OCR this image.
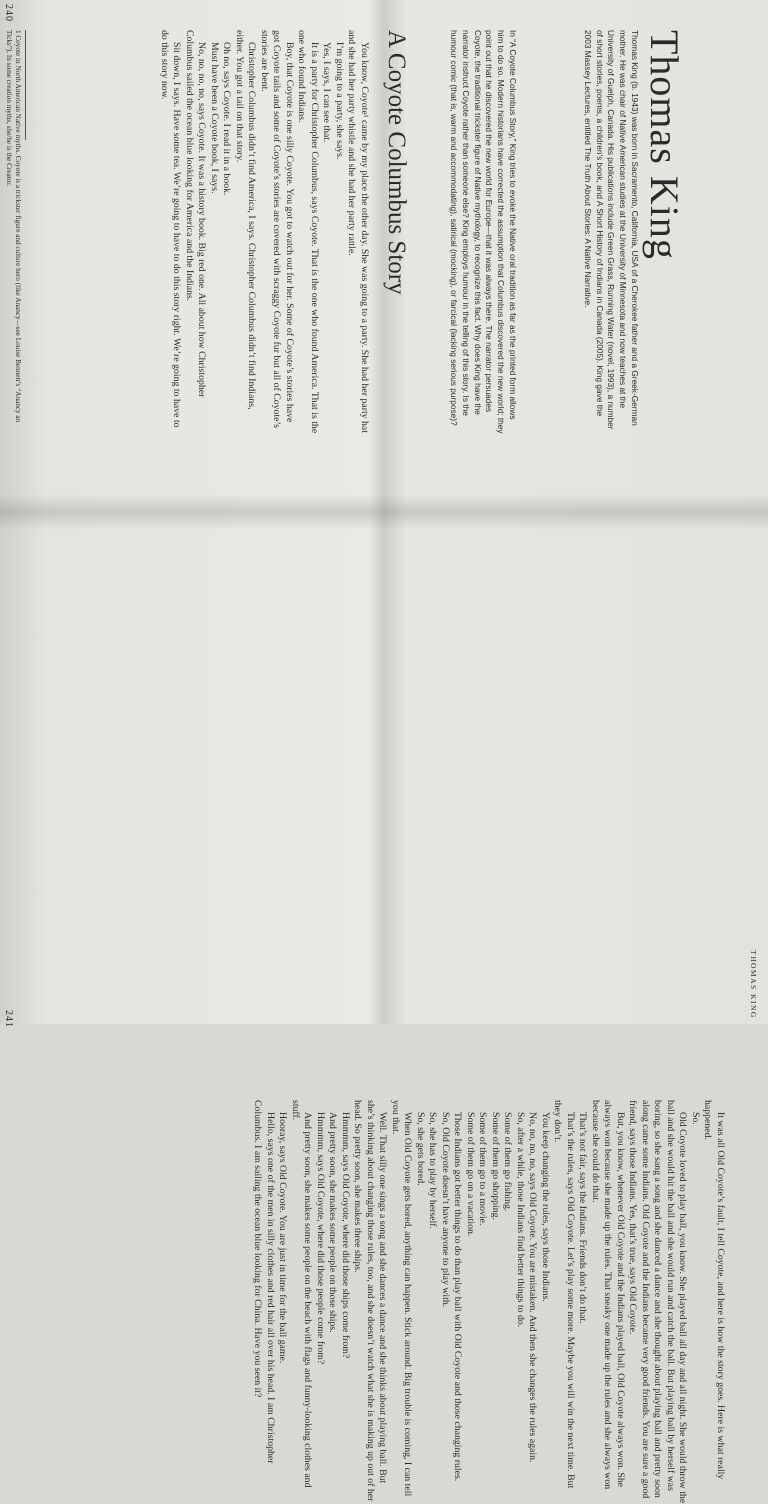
Thomas King

Thomas King (b. 1943) was born in Sacramento, California, USA of a Cherokee father and a Greek-German mother. He was chair of Native American studies at the University of Minnesota and now teaches at the University of Guelph, Canada. His publications include Green Grass, Running Water (novel, 1993), a number of short stories, poems, a children's book, and A Short History of Indians in Canada (2005). King gave the 2003 Massey Lectures, entitled The Truth About Stories: A Native Narrative.

In “A Coyote Columbus Story,” King tries to evoke the Native oral tradition as far as the printed form allows him to do so. Modern historians have corrected the assumption that Columbus discovered the new world; they point out that he discovered the new world for Europe—that it was always there. The narrator persuades Coyote, the traditional trickster figure of Native mythology, to recognize this fact. Why does King have the narrator instruct Coyote rather than someone else? King employs humour in the telling of this story. Is the humour comic (that is, warm and accommodating), satirical (mocking), or farcical (lacking serious purpose)?

A Coyote Columbus Story

You know, Coyote¹ came by my place the other day. She was going to a party. She had her party hat and she had her party whistle and she had her party rattle.

I’m going to a party, she says.

Yes, I says, I can see that.

It is a party for Christopher Columbus, says Coyote. That is the one who found America. That is the one who found Indians.

Boy, that Coyote is one silly Coyote. You got to watch out for her. Some of Coyote’s stories have got Coyote tails and some of Coyote’s stories are covered with scraggy Coyote fur but all of Coyote’s stories are bent.

Christopher Columbus didn’t find America, I says. Christopher Columbus didn’t find Indians, either. You got a tail on that story.

Oh no, says Coyote. I read it in a book.

Must have been a Coyote book, I says.

No, no, no, no, says Coyote. It was a history book. Big red one. All about how Christopher Columbus sailed the ocean blue looking for America and the Indians.

Sit down, I says. Have some tea. We’re going to have to do this story right. We’re going to have to do this story now.

1 Coyote in North American Native myths. Coyote is a trickster figure and culture hero (like Anancy—see Louise Bennett’s “Anancy an Ticks”). In some creation myths, she/he is the Creator.

240

It was all Old Coyote’s fault, I tell Coyote, and here is how the story goes. Here is what really happened.

So.

Old Coyote loved to play ball, you know. She played ball all day and all night. She would throw the ball and she would hit the ball and she would run and catch the ball. But playing ball by herself was boring, so she sang a song and she danced a dance and she thought about playing ball and pretty soon along came some Indians. Old Coyote and the Indians became very good friends. You are sure a good friend, says those Indians. Yes, that’s true, says Old Coyote.

But, you know, whenever Old Coyote and the Indians played ball, Old Coyote always won. She always won because she made up the rules. That sneaky one made up the rules and she always won because she could do that.

That’s not fair, says the Indians. Friends don’t do that.

That’s the rules, says Old Coyote. Let’s play some more. Maybe you will win the next time. But they don’t.

You keep changing the rules, says those Indians.

No, no, no, no, says Old Coyote. You are mistaken. And then she changes the rules again.

So, after a while, those Indians find better things to do.

Some of them go fishing.

Some of them go shopping.

Some of them go to a movie.

Some of them go on a vacation.

Those Indians got better things to do than play ball with Old Coyote and those changing rules.

So, Old Coyote doesn’t have anyone to play with.

So, she has to play by herself.

So, she gets bored.

When Old Coyote gets bored, anything can happen. Stick around. Big trouble is coming, I can tell you that.

Well. That silly one sings a song and she dances a dance and she thinks about playing ball. But she’s thinking about changing those rules, too, and she doesn’t watch what she is making up out of her head. So pretty soon, she makes three ships.

Hmmmm, says Old Coyote, where did those ships come from?

And pretty soon, she makes some people on those ships.

Hmmmm, says Old Coyote, where did those people come from?

And pretty soon, she makes some people on the beach with flags and funny-looking clothes and stuff.

Hooray, says Old Coyote. You are just in time for the ball game.

Hello, says one of the men in silly clothes and red hair all over his head. I am Christopher Columbus. I am sailing the ocean blue looking for China. Have you seen it?

THOMAS KING
241
